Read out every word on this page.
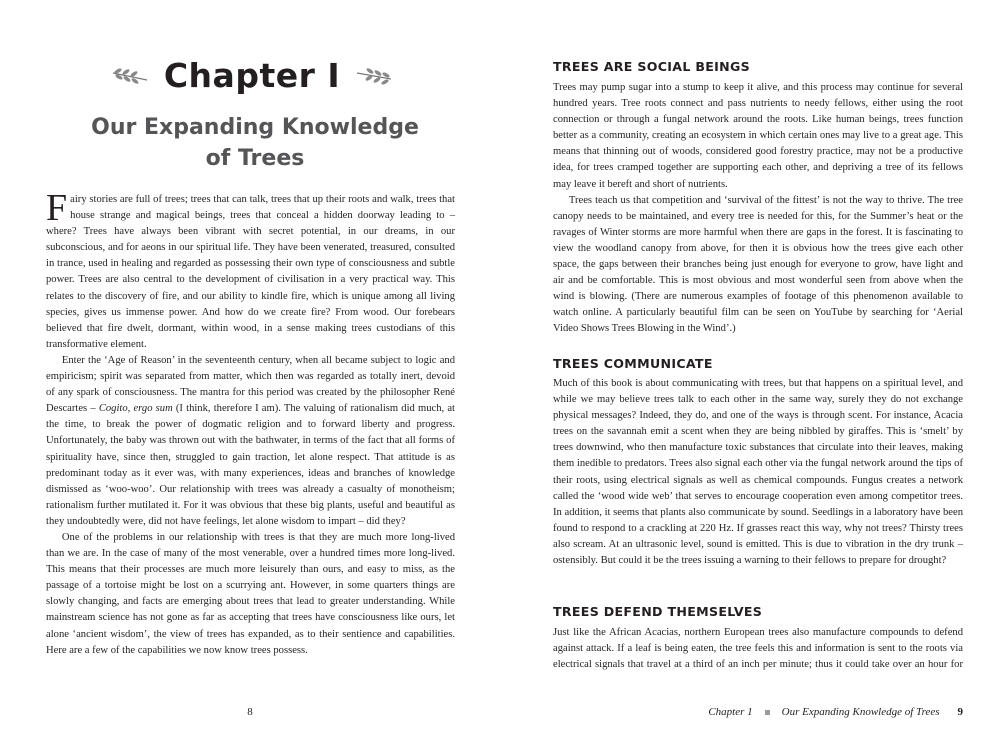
Chapter I
Our Expanding Knowledge
of Trees

Fairy stories are full of trees; trees that can talk, trees that up their roots and walk, trees that house strange and magical beings, trees that conceal a hidden doorway leading to – where? Trees have always been vibrant with secret potential, in our dreams, in our subconscious, and for aeons in our spiritual life. They have been venerated, treasured, consulted in trance, used in healing and regarded as possessing their own type of consciousness and subtle power. Trees are also central to the development of civilisation in a very practical way. This relates to the discovery of fire, and our ability to kindle fire, which is unique among all living species, gives us immense power. And how do we create fire? From wood. Our forebears believed that fire dwelt, dormant, within wood, in a sense making trees custodians of this transformative element.

Enter the ‘Age of Reason’ in the seventeenth century, when all became subject to logic and empiricism; spirit was separated from matter, which then was regarded as totally inert, devoid of any spark of consciousness. The mantra for this period was created by the philosopher René Descartes – Cogito, ergo sum (I think, therefore I am). The valuing of rationalism did much, at the time, to break the power of dogmatic religion and to forward liberty and progress. Unfortunately, the baby was thrown out with the bathwater, in terms of the fact that all forms of spirituality have, since then, struggled to gain traction, let alone respect. That attitude is as predominant today as it ever was, with many experiences, ideas and branches of knowledge dismissed as ‘woo-woo’. Our relationship with trees was already a casualty of monotheism; rationalism further mutilated it. For it was obvious that these big plants, useful and beautiful as they undoubtedly were, did not have feelings, let alone wisdom to impart – did they?

One of the problems in our relationship with trees is that they are much more long-lived than we are. In the case of many of the most venerable, over a hundred times more long-lived. This means that their processes are much more leisurely than ours, and easy to miss, as the passage of a tortoise might be lost on a scurrying ant. However, in some quarters things are slowly changing, and facts are emerging about trees that lead to greater understanding. While mainstream science has not gone as far as accepting that trees have consciousness like ours, let alone ‘ancient wisdom’, the view of trees has expanded, as to their sentience and capabilities. Here are a few of the capabilities we now know trees possess.

8
TREES ARE SOCIAL BEINGS

Trees may pump sugar into a stump to keep it alive, and this process may continue for several hundred years. Tree roots connect and pass nutrients to needy fellows, either using the root connection or through a fungal network around the roots. Like human beings, trees function better as a community, creating an ecosystem in which certain ones may live to a great age. This means that thinning out of woods, considered good forestry practice, may not be a productive idea, for trees cramped together are supporting each other, and depriving a tree of its fellows may leave it bereft and short of nutrients.

Trees teach us that competition and ‘survival of the fittest’ is not the way to thrive. The tree canopy needs to be maintained, and every tree is needed for this, for the Summer’s heat or the ravages of Winter storms are more harmful when there are gaps in the forest. It is fascinating to view the woodland canopy from above, for then it is obvious how the trees give each other space, the gaps between their branches being just enough for everyone to grow, have light and air and be comfortable. This is most obvious and most wonderful seen from above when the wind is blowing. (There are numerous examples of footage of this phenomenon available to watch online. A particularly beautiful film can be seen on YouTube by searching for ‘Aerial Video Shows Trees Blowing in the Wind’.)

TREES COMMUNICATE

Much of this book is about communicating with trees, but that happens on a spiritual level, and while we may believe trees talk to each other in the same way, surely they do not exchange physical messages? Indeed, they do, and one of the ways is through scent. For instance, Acacia trees on the savannah emit a scent when they are being nibbled by giraffes. This is ‘smelt’ by trees downwind, who then manufacture toxic substances that circulate into their leaves, making them inedible to predators. Trees also signal each other via the fungal network around the tips of their roots, using electrical signals as well as chemical compounds. Fungus creates a network called the ‘wood wide web’ that serves to encourage cooperation even among competitor trees. In addition, it seems that plants also communicate by sound. Seedlings in a laboratory have been found to respond to a crackling at 220 Hz. If grasses react this way, why not trees? Thirsty trees also scream. At an ultrasonic level, sound is emitted. This is due to vibration in the dry trunk – ostensibly. But could it be the trees issuing a warning to their fellows to prepare for drought?

TREES DEFEND THEMSELVES

Just like the African Acacias, northern European trees also manufacture compounds to defend against attack. If a leaf is being eaten, the tree feels this and information is sent to the roots via electrical signals that travel at a third of an inch per minute; thus it could take over an hour for

Chapter 1	Our Expanding Knowledge of Trees 9
